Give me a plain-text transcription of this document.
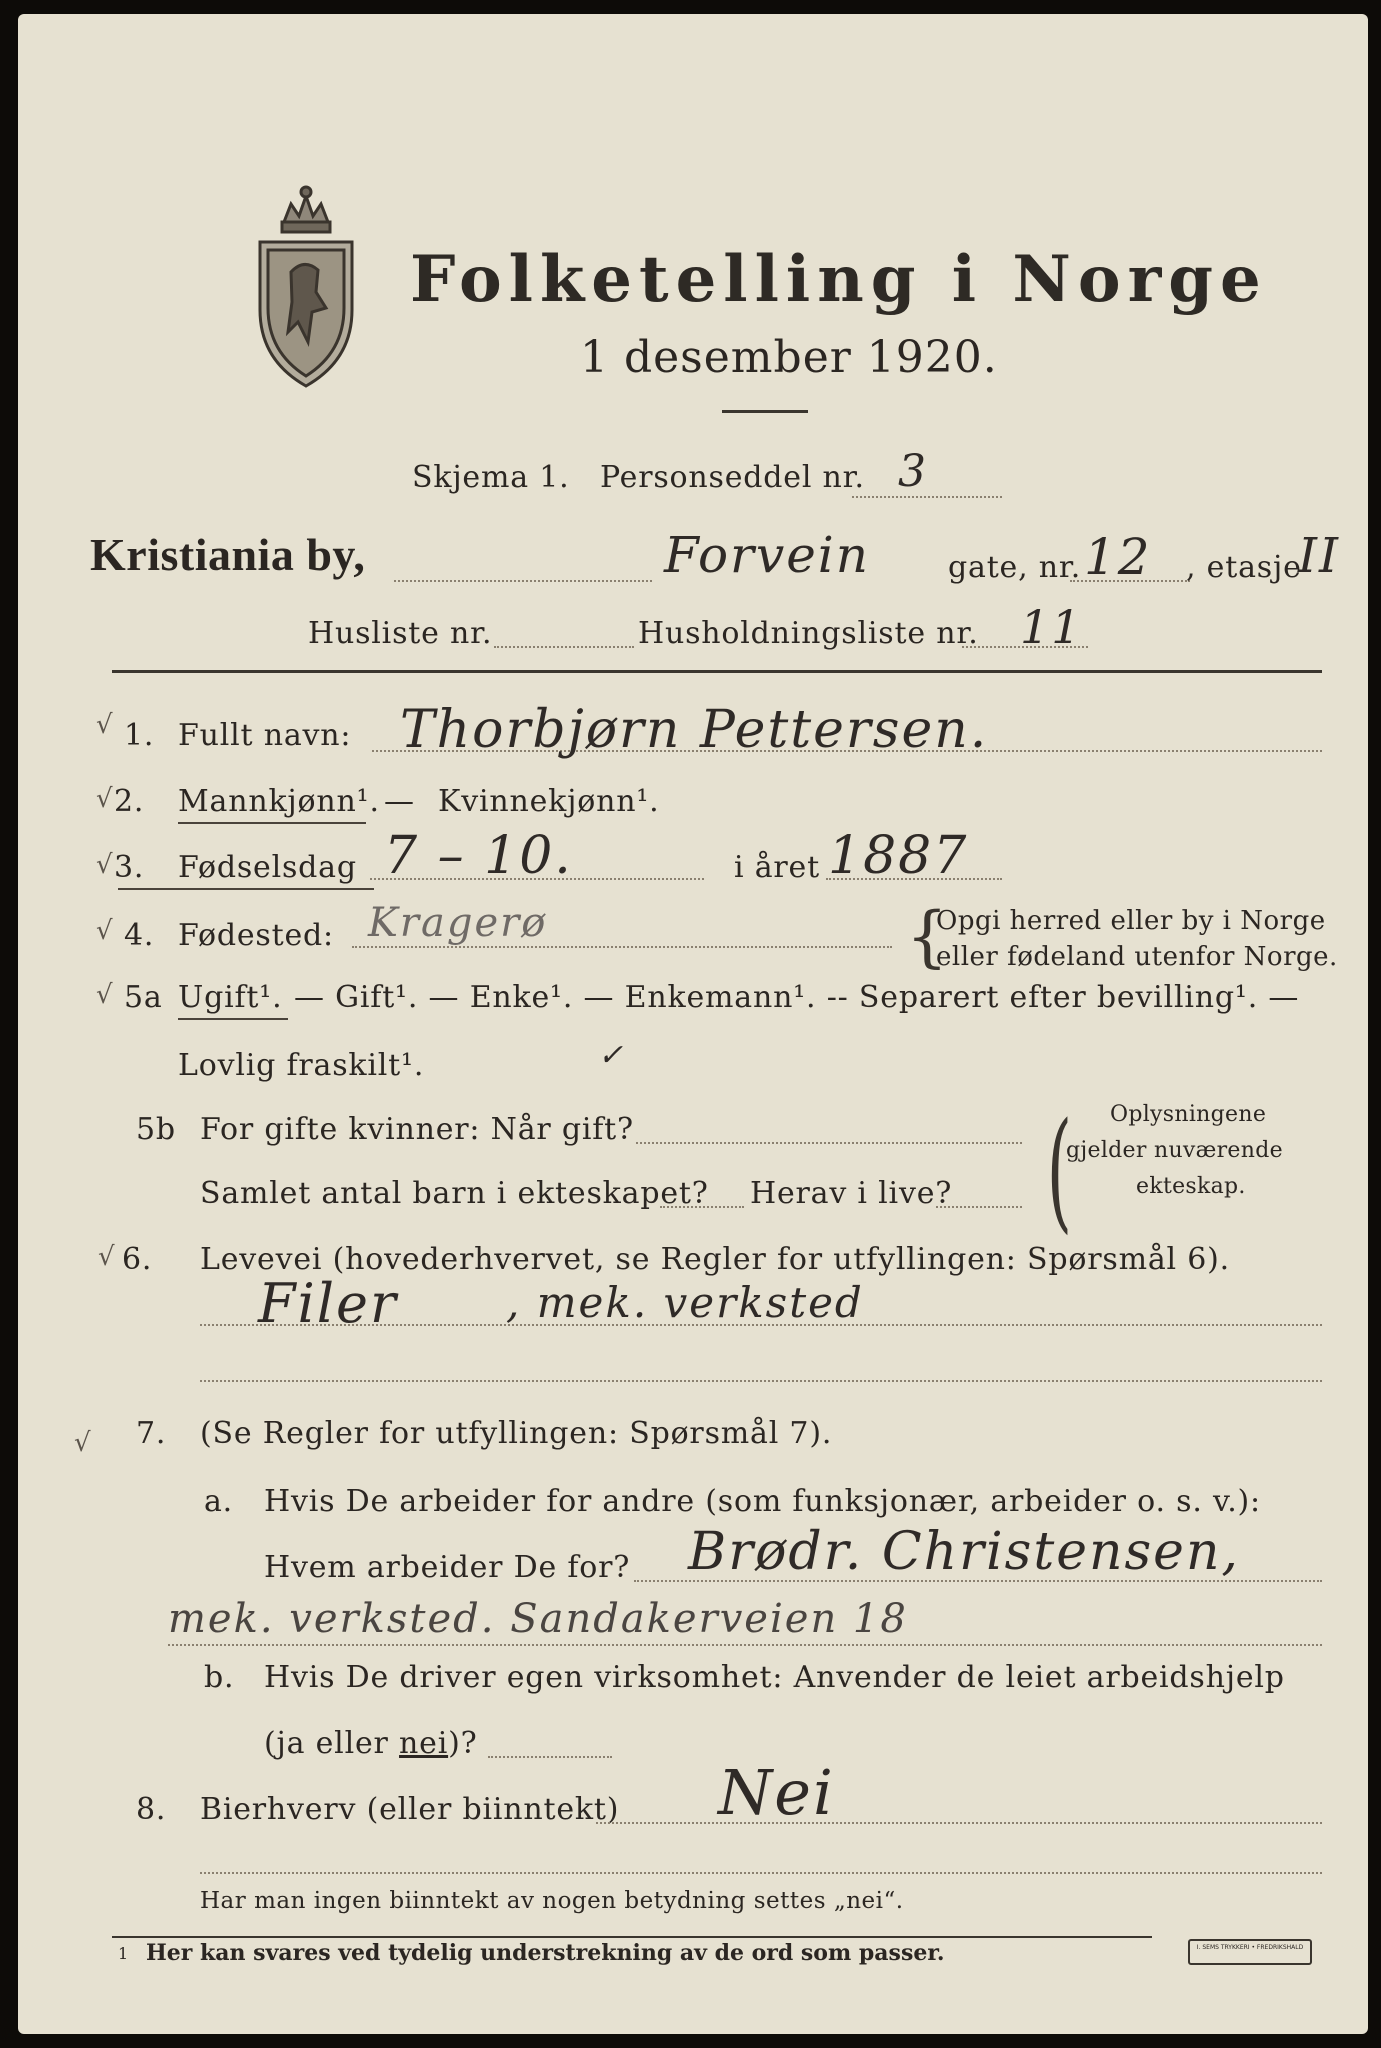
Folketelling i Norge
1 desember 1920.
Skjema 1. Personseddel nr. 3
Kristiania by,	Forvein	gate, nr. 12 , etasje
II
Husliste nr.	Husholdningsliste nr. 11
√ 1. Fullt navn: Thorbjørn Pettersen.
√ 2. Mannkjønn¹. — Kvinnekjønn¹.
√ 3. Fødselsdag 7 – 10.	i året 1887
√ 4. Fødested: Kragerø	{
Opgi herred eller by i Norge
eller fødeland utenfor Norge.
√ 5a Ugift¹. — Gift¹. — Enke¹. — Enkemann¹. -- Separert efter bevilling¹. —
Lovlig fraskilt¹.	✓
5b For gifte kvinner: Når gift?
Samlet antal barn i ekteskapet? Herav i live? ( Oplysningene
gjelder nuværende
ekteskap.
√ 6. Levevei (hovederhvervet, se Regler for utfyllingen: Spørsmål 6).
Filer	, mek. verksted
√ 7. (Se Regler for utfyllingen: Spørsmål 7).
a. Hvis De arbeider for andre (som funksjonær, arbeider o. s. v.):
Hvem arbeider De for? Brødr. Christensen,
mek. verksted. Sandakerveien 18
b. Hvis De driver egen virksomhet: Anvender de leiet arbeidshjelp
(ja eller nei)?
8. Bierhverv (eller biinntekt) Nei
Har man ingen biinntekt av nogen betydning settes „nei“.
1 Her kan svares ved tydelig understrekning av de ord som passer.	I. SEMS TRYKKERI • FREDRIKSHALD
